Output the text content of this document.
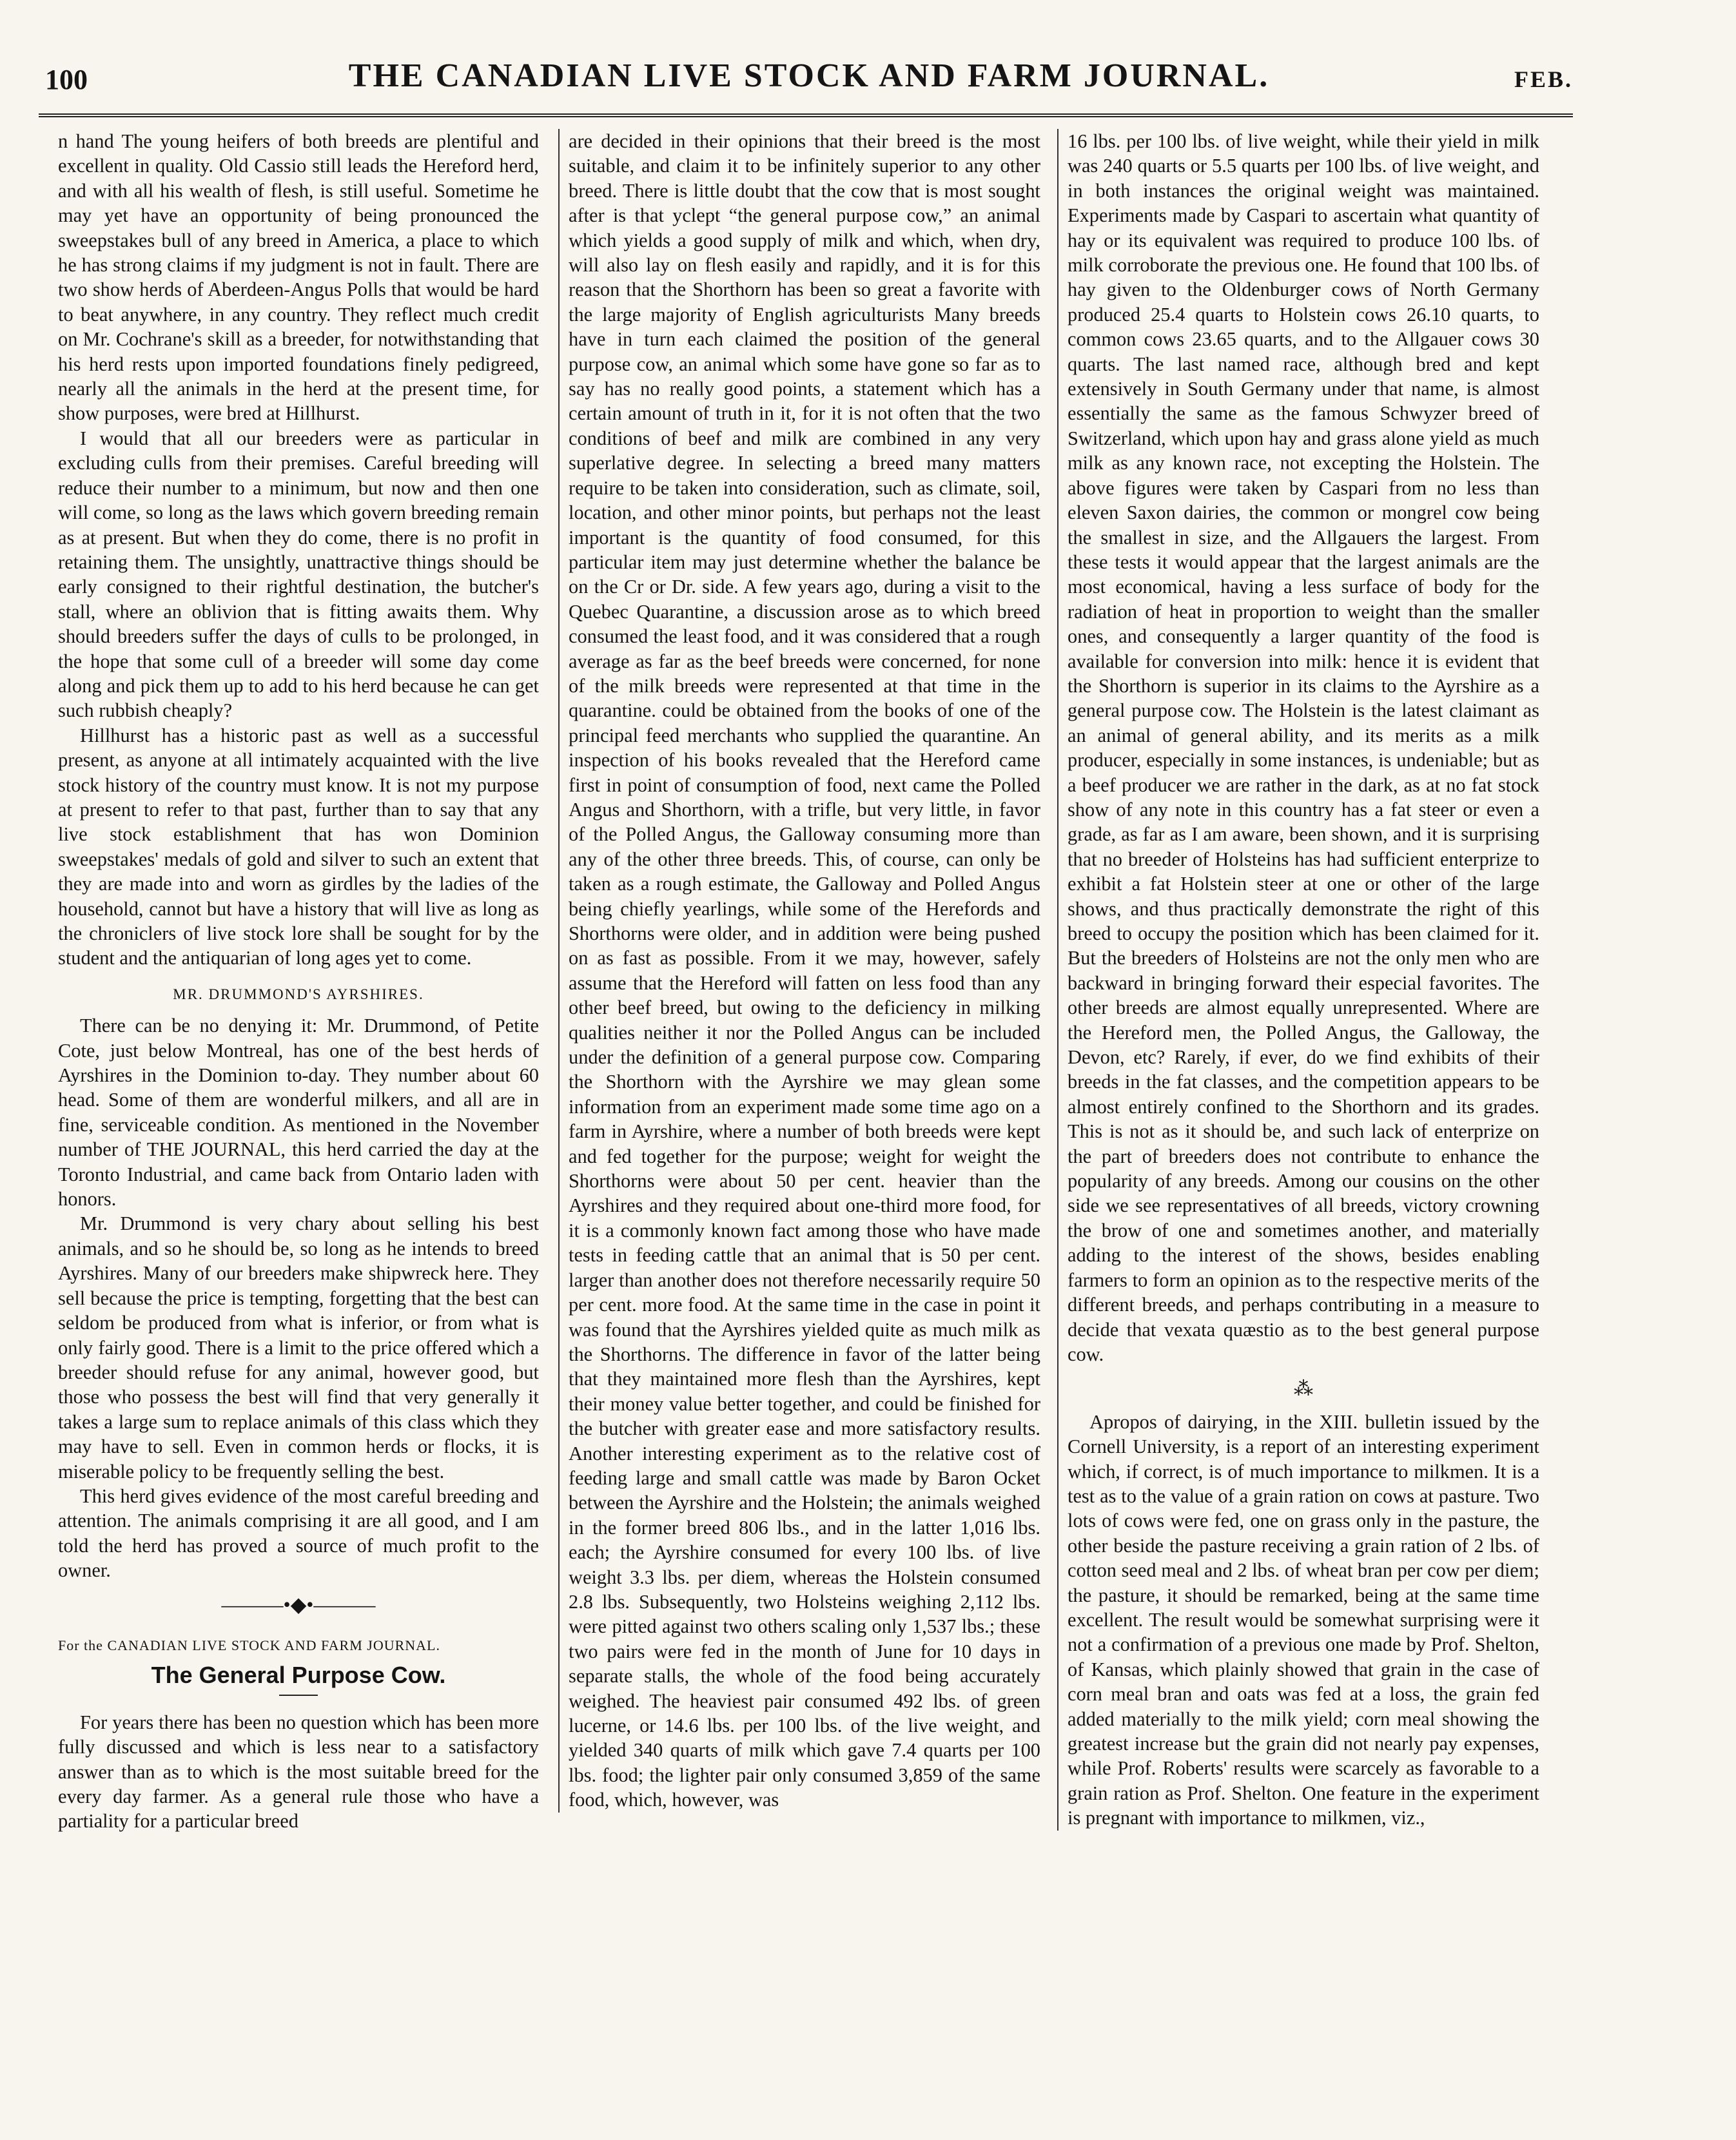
100	THE CANADIAN LIVE STOCK AND FARM JOURNAL.	FEB.

n hand The young heifers of both breeds are plentiful and excellent in quality. Old Cassio still leads the Hereford herd, and with all his wealth of flesh, is still useful. Sometime he may yet have an opportunity of being pronounced the sweepstakes bull of any breed in America, a place to which he has strong claims if my judgment is not in fault. There are two show herds of Aberdeen-Angus Polls that would be hard to beat anywhere, in any country. They reflect much credit on Mr. Cochrane's skill as a breeder, for notwithstanding that his herd rests upon imported foundations finely pedigreed, nearly all the animals in the herd at the present time, for show purposes, were bred at Hillhurst.

I would that all our breeders were as particular in excluding culls from their premises. Careful breeding will reduce their number to a minimum, but now and then one will come, so long as the laws which govern breeding remain as at present. But when they do come, there is no profit in retaining them. The unsightly, unattractive things should be early consigned to their rightful destination, the butcher's stall, where an oblivion that is fitting awaits them. Why should breeders suffer the days of culls to be prolonged, in the hope that some cull of a breeder will some day come along and pick them up to add to his herd because he can get such rubbish cheaply?

Hillhurst has a historic past as well as a successful present, as anyone at all intimately acquainted with the live stock history of the country must know. It is not my purpose at present to refer to that past, further than to say that any live stock establishment that has won Dominion sweepstakes' medals of gold and silver to such an extent that they are made into and worn as girdles by the ladies of the household, cannot but have a history that will live as long as the chroniclers of live stock lore shall be sought for by the student and the antiquarian of long ages yet to come.

MR. DRUMMOND'S AYRSHIRES.

There can be no denying it: Mr. Drummond, of Petite Cote, just below Montreal, has one of the best herds of Ayrshires in the Dominion to-day. They number about 60 head. Some of them are wonderful milkers, and all are in fine, serviceable condition. As mentioned in the November number of THE JOURNAL, this herd carried the day at the Toronto Industrial, and came back from Ontario laden with honors.

Mr. Drummond is very chary about selling his best animals, and so he should be, so long as he intends to breed Ayrshires. Many of our breeders make shipwreck here. They sell because the price is tempting, forgetting that the best can seldom be produced from what is inferior, or from what is only fairly good. There is a limit to the price offered which a breeder should refuse for any animal, however good, but those who possess the best will find that very generally it takes a large sum to replace animals of this class which they may have to sell. Even in common herds or flocks, it is miserable policy to be frequently selling the best.

This herd gives evidence of the most careful breeding and attention. The animals comprising it are all good, and I am told the herd has proved a source of much profit to the owner.

———•◆•———
For the CANADIAN LIVE STOCK AND FARM JOURNAL.
The General Purpose Cow.

For years there has been no question which has been more fully discussed and which is less near to a satisfactory answer than as to which is the most suitable breed for the every day farmer. As a general rule those who have a partiality for a particular breed

are decided in their opinions that their breed is the most suitable, and claim it to be infinitely superior to any other breed. There is little doubt that the cow that is most sought after is that yclept “the general purpose cow,” an animal which yields a good supply of milk and which, when dry, will also lay on flesh easily and rapidly, and it is for this reason that the Shorthorn has been so great a favorite with the large majority of English agriculturists Many breeds have in turn each claimed the position of the general purpose cow, an animal which some have gone so far as to say has no really good points, a statement which has a certain amount of truth in it, for it is not often that the two conditions of beef and milk are combined in any very superlative degree. In selecting a breed many matters require to be taken into consideration, such as climate, soil, location, and other minor points, but perhaps not the least important is the quantity of food consumed, for this particular item may just determine whether the balance be on the Cr or Dr. side. A few years ago, during a visit to the Quebec Quarantine, a discussion arose as to which breed consumed the least food, and it was considered that a rough average as far as the beef breeds were concerned, for none of the milk breeds were represented at that time in the quarantine. could be obtained from the books of one of the principal feed merchants who supplied the quarantine. An inspection of his books revealed that the Hereford came first in point of consumption of food, next came the Polled Angus and Shorthorn, with a trifle, but very little, in favor of the Polled Angus, the Galloway consuming more than any of the other three breeds. This, of course, can only be taken as a rough estimate, the Galloway and Polled Angus being chiefly yearlings, while some of the Herefords and Shorthorns were older, and in addition were being pushed on as fast as possible. From it we may, however, safely assume that the Hereford will fatten on less food than any other beef breed, but owing to the deficiency in milking qualities neither it nor the Polled Angus can be included under the definition of a general purpose cow. Comparing the Shorthorn with the Ayrshire we may glean some information from an experiment made some time ago on a farm in Ayrshire, where a number of both breeds were kept and fed together for the purpose; weight for weight the Shorthorns were about 50 per cent. heavier than the Ayrshires and they required about one-third more food, for it is a commonly known fact among those who have made tests in feeding cattle that an animal that is 50 per cent. larger than another does not therefore necessarily require 50 per cent. more food. At the same time in the case in point it was found that the Ayrshires yielded quite as much milk as the Shorthorns. The difference in favor of the latter being that they maintained more flesh than the Ayrshires, kept their money value better together, and could be finished for the butcher with greater ease and more satisfactory results. Another interesting experiment as to the relative cost of feeding large and small cattle was made by Baron Ocket between the Ayrshire and the Holstein; the animals weighed in the former breed 806 lbs., and in the latter 1,016 lbs. each; the Ayrshire consumed for every 100 lbs. of live weight 3.3 lbs. per diem, whereas the Holstein consumed 2.8 lbs. Subsequently, two Holsteins weighing 2,112 lbs. were pitted against two others scaling only 1,537 lbs.; these two pairs were fed in the month of June for 10 days in separate stalls, the whole of the food being accurately weighed. The heaviest pair consumed 492 lbs. of green lucerne, or 14.6 lbs. per 100 lbs. of the live weight, and yielded 340 quarts of milk which gave 7.4 quarts per 100 lbs. food; the lighter pair only consumed 3,859 of the same food, which, however, was

16 lbs. per 100 lbs. of live weight, while their yield in milk was 240 quarts or 5.5 quarts per 100 lbs. of live weight, and in both instances the original weight was maintained. Experiments made by Caspari to ascertain what quantity of hay or its equivalent was required to produce 100 lbs. of milk corroborate the previous one. He found that 100 lbs. of hay given to the Oldenburger cows of North Germany produced 25.4 quarts to Holstein cows 26.10 quarts, to common cows 23.65 quarts, and to the Allgauer cows 30 quarts. The last named race, although bred and kept extensively in South Germany under that name, is almost essentially the same as the famous Schwyzer breed of Switzerland, which upon hay and grass alone yield as much milk as any known race, not excepting the Holstein. The above figures were taken by Caspari from no less than eleven Saxon dairies, the common or mongrel cow being the smallest in size, and the Allgauers the largest. From these tests it would appear that the largest animals are the most economical, having a less surface of body for the radiation of heat in proportion to weight than the smaller ones, and consequently a larger quantity of the food is available for conversion into milk: hence it is evident that the Shorthorn is superior in its claims to the Ayrshire as a general purpose cow. The Holstein is the latest claimant as an animal of general ability, and its merits as a milk producer, especially in some instances, is undeniable; but as a beef producer we are rather in the dark, as at no fat stock show of any note in this country has a fat steer or even a grade, as far as I am aware, been shown, and it is surprising that no breeder of Holsteins has had sufficient enterprize to exhibit a fat Holstein steer at one or other of the large shows, and thus practically demonstrate the right of this breed to occupy the position which has been claimed for it. But the breeders of Holsteins are not the only men who are backward in bringing forward their especial favorites. The other breeds are almost equally unrepresented. Where are the Hereford men, the Polled Angus, the Galloway, the Devon, etc? Rarely, if ever, do we find exhibits of their breeds in the fat classes, and the competition appears to be almost entirely confined to the Shorthorn and its grades. This is not as it should be, and such lack of enterprize on the part of breeders does not contribute to enhance the popularity of any breeds. Among our cousins on the other side we see representatives of all breeds, victory crowning the brow of one and sometimes another, and materially adding to the interest of the shows, besides enabling farmers to form an opinion as to the respective merits of the different breeds, and perhaps contributing in a measure to decide that vexata quæstio as to the best general purpose cow.

⁂

Apropos of dairying, in the XIII. bulletin issued by the Cornell University, is a report of an interesting experiment which, if correct, is of much importance to milkmen. It is a test as to the value of a grain ration on cows at pasture. Two lots of cows were fed, one on grass only in the pasture, the other beside the pasture receiving a grain ration of 2 lbs. of cotton seed meal and 2 lbs. of wheat bran per cow per diem; the pasture, it should be remarked, being at the same time excellent. The result would be somewhat surprising were it not a confirmation of a previous one made by Prof. Shelton, of Kansas, which plainly showed that grain in the case of corn meal bran and oats was fed at a loss, the grain fed added materially to the milk yield; corn meal showing the greatest increase but the grain did not nearly pay expenses, while Prof. Roberts' results were scarcely as favorable to a grain ration as Prof. Shelton. One feature in the experiment is pregnant with importance to milkmen, viz.,
